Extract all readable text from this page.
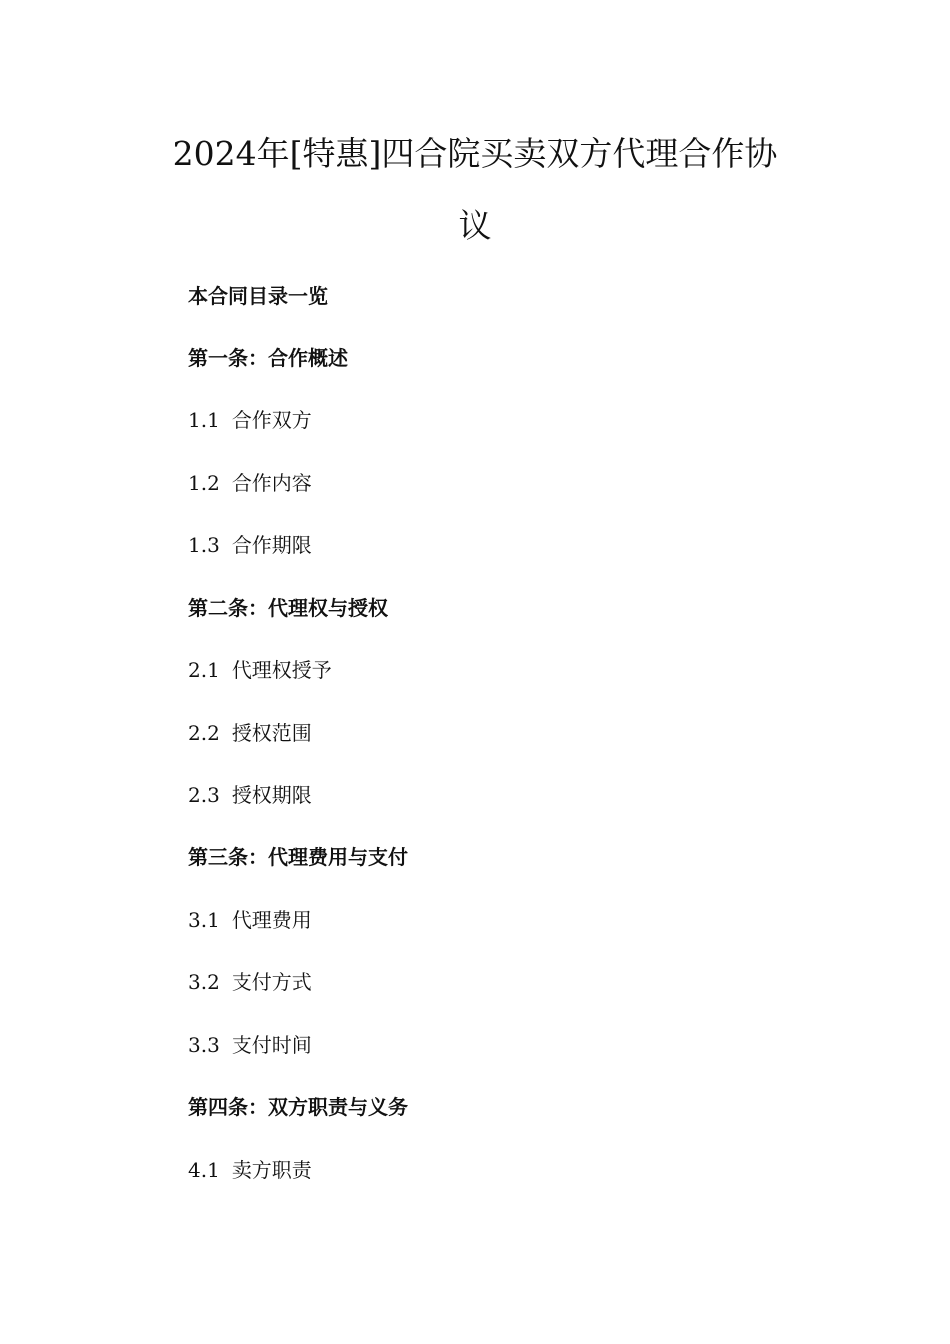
2024年[特惠]四合院买卖双方代理合作协
议
本合同目录一览
第一条：合作概述
1.1 合作双方
1.2 合作内容
1.3 合作期限
第二条：代理权与授权
2.1 代理权授予
2.2 授权范围
2.3 授权期限
第三条：代理费用与支付
3.1 代理费用
3.2 支付方式
3.3 支付时间
第四条：双方职责与义务
4.1 卖方职责
